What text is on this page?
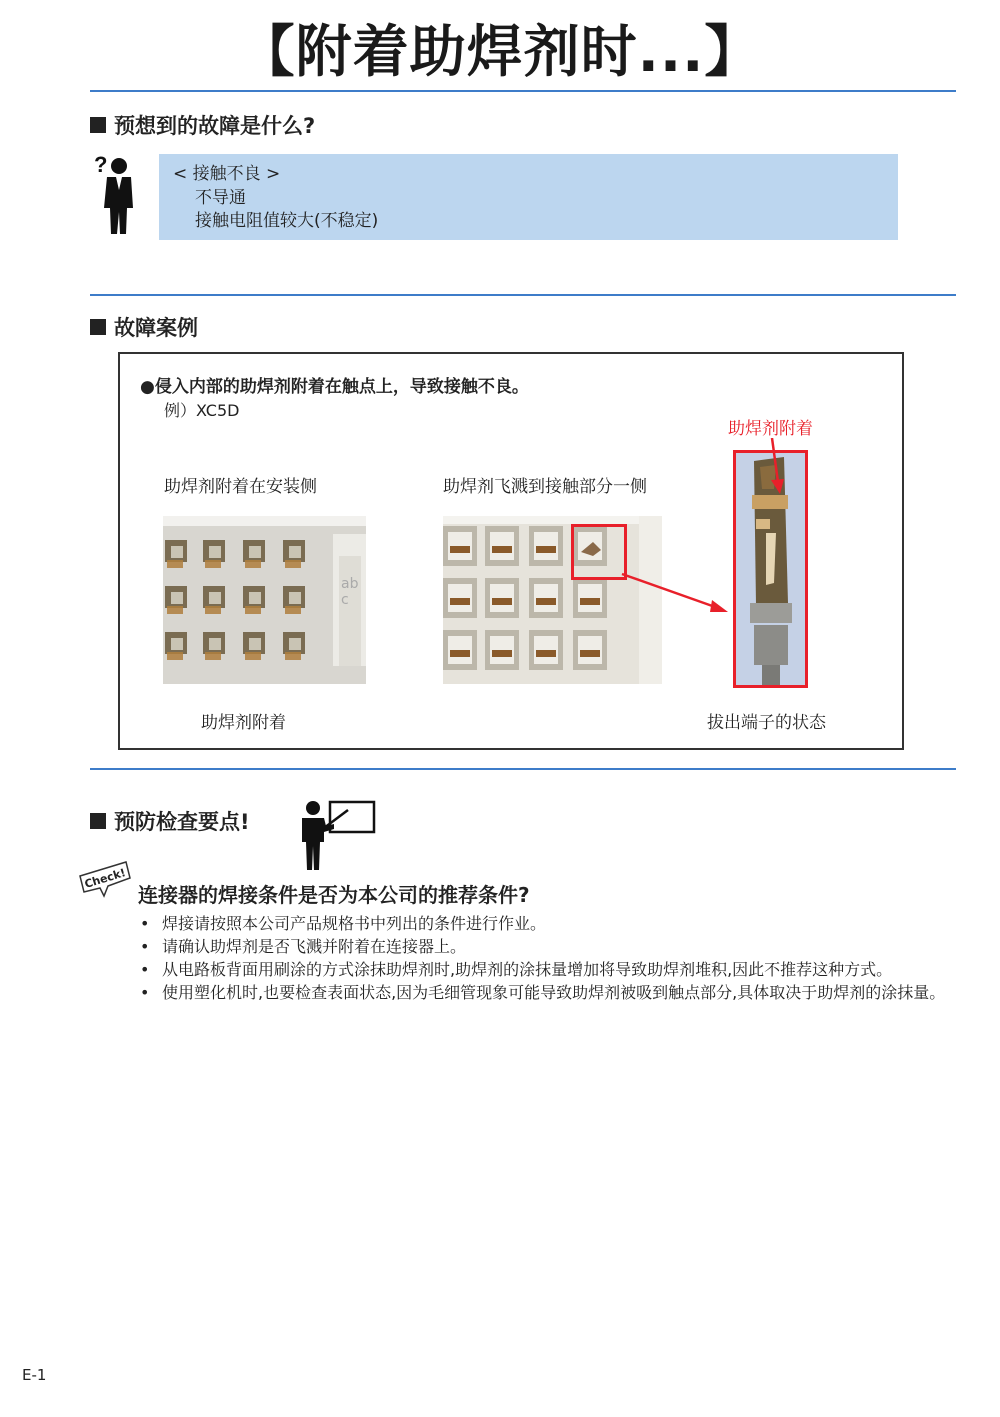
【附着助焊剂时...】
预想到的故障是什么?
?	< 接触不良 >
不导通
接触电阻值较大(不稳定)
故障案例
●侵入内部的助焊剂附着在触点上，导致接触不良。
例）XC5D
助焊剂附着在安装侧	助焊剂飞溅到接触部分一侧
助焊剂附着
abc
助焊剂附着	拔出端子的状态
预防检查要点!
Check!
连接器的焊接条件是否为本公司的推荐条件?
• 焊接请按照本公司产品规格书中列出的条件进行作业。
• 请确认助焊剂是否飞溅并附着在连接器上。
• 从电路板背面用刷涂的方式涂抹助焊剂时,助焊剂的涂抹量增加将导致助焊剂堆积,因此不推荐这种方式。
• 使用塑化机时,也要检查表面状态,因为毛细管现象可能导致助焊剂被吸到触点部分,具体取决于助焊剂的涂抹量。
E-1
